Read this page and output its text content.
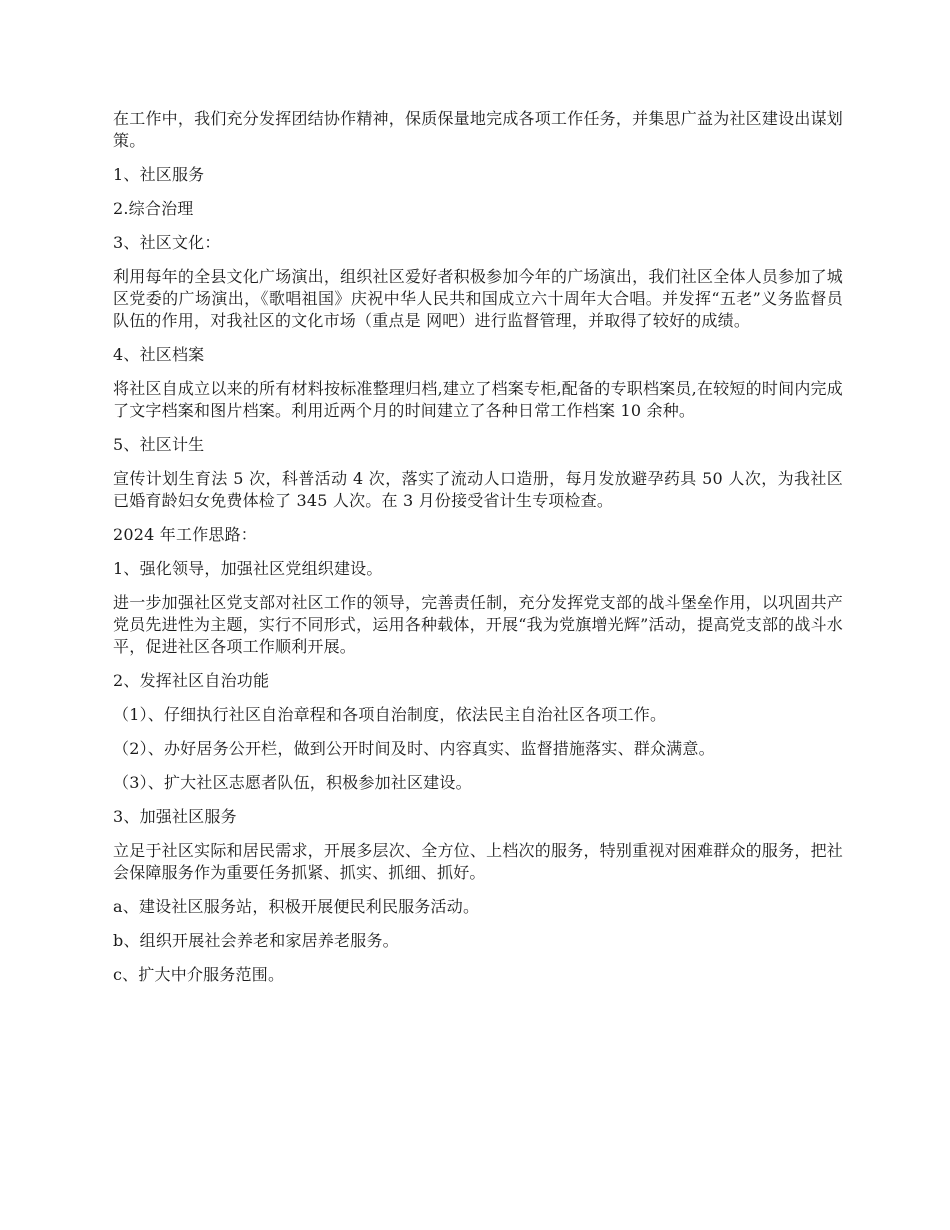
在工作中，我们充分发挥团结协作精神，保质保量地完成各项工作任务，并集思广益为社区建设出谋划策。

1、社区服务

2.综合治理

3、社区文化：

利用每年的全县文化广场演出，组织社区爱好者积极参加今年的广场演出，我们社区全体人员参加了城区党委的广场演出，《歌唱祖国》庆祝中华人民共和国成立六十周年大合唱。并发挥“五老”义务监督员队伍的作用，对我社区的文化市场（重点是 网吧）进行监督管理，并取得了较好的成绩。

4、社区档案

将社区自成立以来的所有材料按标准整理归档,建立了档案专柜,配备的专职档案员,在较短的时间内完成了文字档案和图片档案。利用近两个月的时间建立了各种日常工作档案 10 余种。

5、社区计生

宣传计划生育法 5 次，科普活动 4 次，落实了流动人口造册，每月发放避孕药具 50 人次，为我社区已婚育龄妇女免费体检了 345 人次。在 3 月份接受省计生专项检查。

2024 年工作思路：

1、强化领导，加强社区党组织建设。

进一步加强社区党支部对社区工作的领导，完善责任制，充分发挥党支部的战斗堡垒作用，以巩固共产党员先进性为主题，实行不同形式，运用各种载体，开展“我为党旗增光辉”活动，提高党支部的战斗水平，促进社区各项工作顺利开展。

2、发挥社区自治功能

（1）、仔细执行社区自治章程和各项自治制度，依法民主自治社区各项工作。

（2）、办好居务公开栏，做到公开时间及时、内容真实、监督措施落实、群众满意。

（3）、扩大社区志愿者队伍，积极参加社区建设。

3、加强社区服务

立足于社区实际和居民需求，开展多层次、全方位、上档次的服务，特别重视对困难群众的服务，把社会保障服务作为重要任务抓紧、抓实、抓细、抓好。

a、建设社区服务站，积极开展便民利民服务活动。

b、组织开展社会养老和家居养老服务。

c、扩大中介服务范围。
